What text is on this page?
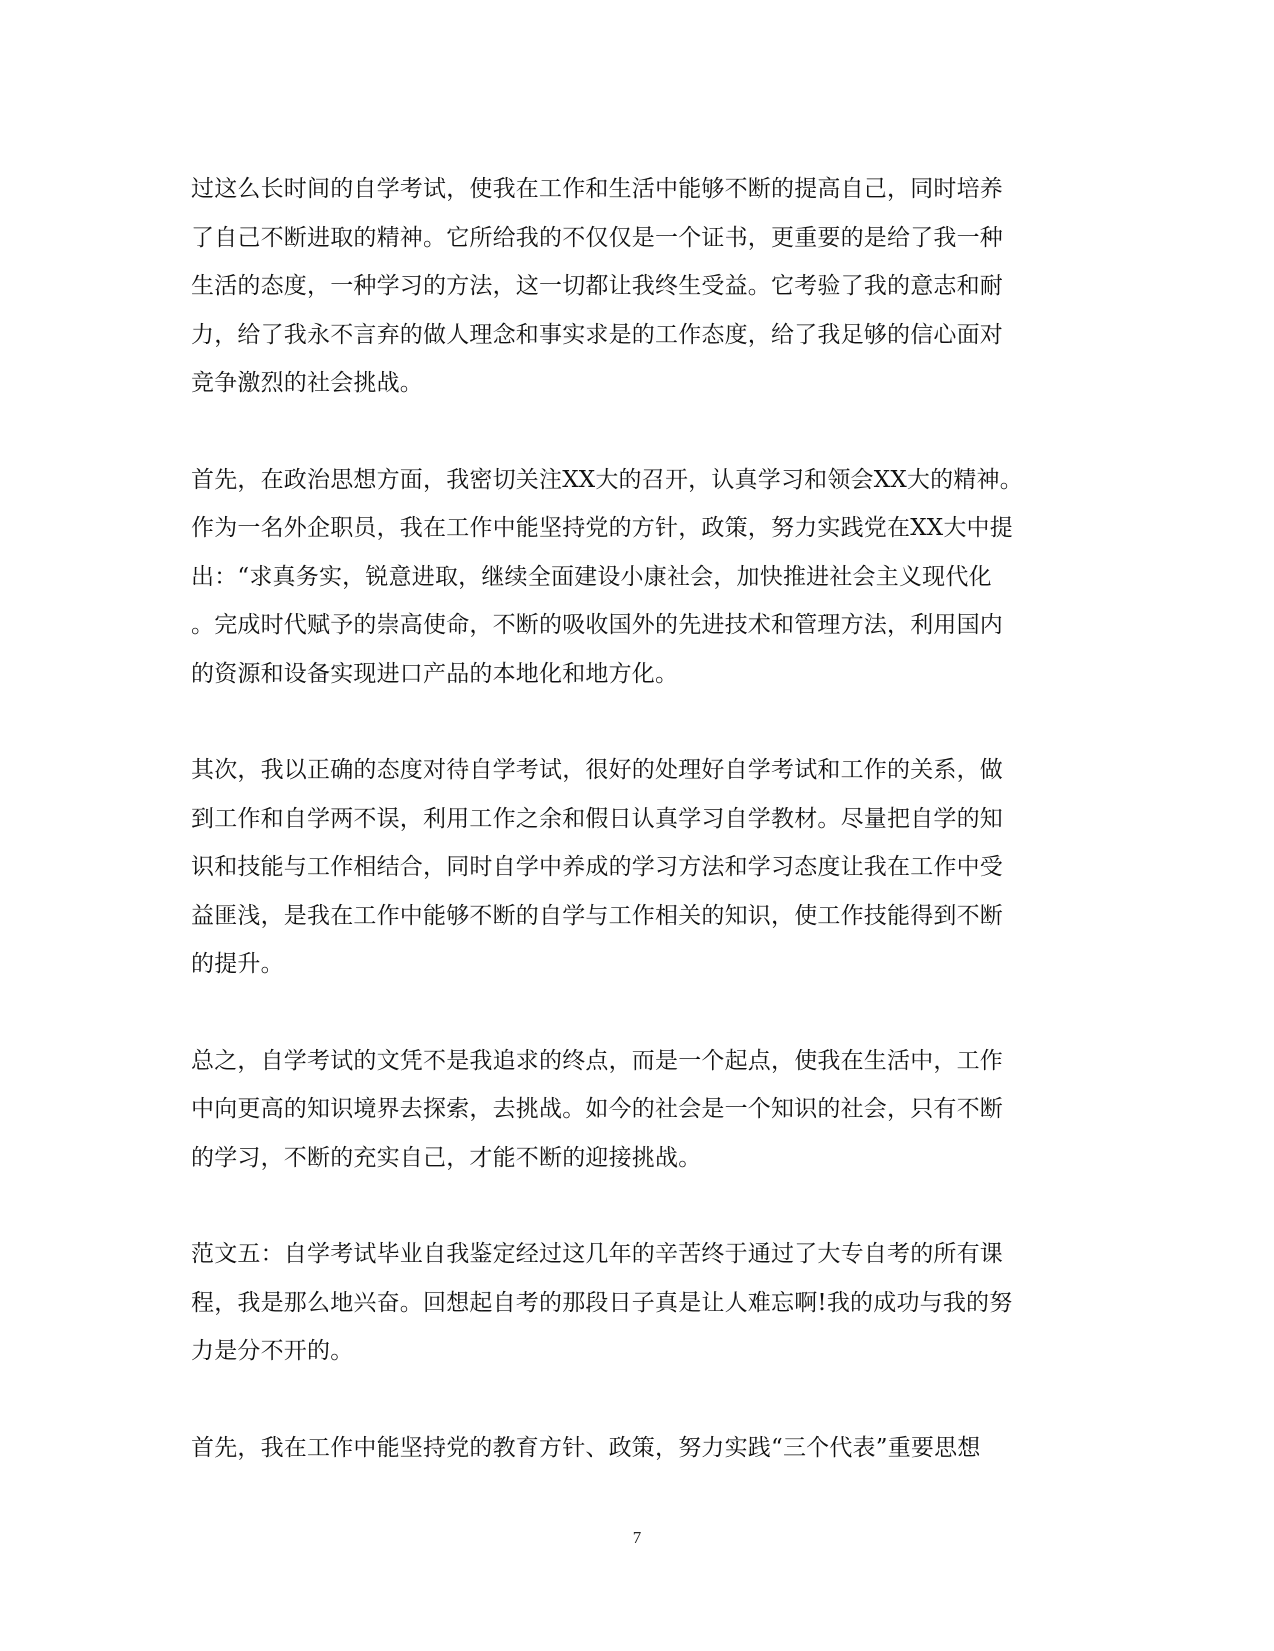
过这么长时间的自学考试，使我在工作和生活中能够不断的提高自己，同时培养
了自己不断进取的精神。它所给我的不仅仅是一个证书，更重要的是给了我一种
生活的态度，一种学习的方法，这一切都让我终生受益。它考验了我的意志和耐
力，给了我永不言弃的做人理念和事实求是的工作态度，给了我足够的信心面对
竞争激烈的社会挑战。

首先，在政治思想方面，我密切关注XX大的召开，认真学习和领会XX大的精神。
作为一名外企职员，我在工作中能坚持党的方针，政策，努力实践党在XX大中提
出：“求真务实，锐意进取，继续全面建设小康社会，加快推进社会主义现代化
。完成时代赋予的崇高使命，不断的吸收国外的先进技术和管理方法，利用国内
的资源和设备实现进口产品的本地化和地方化。

其次，我以正确的态度对待自学考试，很好的处理好自学考试和工作的关系，做
到工作和自学两不误，利用工作之余和假日认真学习自学教材。尽量把自学的知
识和技能与工作相结合，同时自学中养成的学习方法和学习态度让我在工作中受
益匪浅，是我在工作中能够不断的自学与工作相关的知识，使工作技能得到不断
的提升。

总之，自学考试的文凭不是我追求的终点，而是一个起点，使我在生活中，工作
中向更高的知识境界去探索，去挑战。如今的社会是一个知识的社会，只有不断
的学习，不断的充实自己，才能不断的迎接挑战。

范文五：自学考试毕业自我鉴定经过这几年的辛苦终于通过了大专自考的所有课
程，我是那么地兴奋。回想起自考的那段日子真是让人难忘啊!我的成功与我的努
力是分不开的。

首先，我在工作中能坚持党的教育方针、政策，努力实践“三个代表”重要思想

7
